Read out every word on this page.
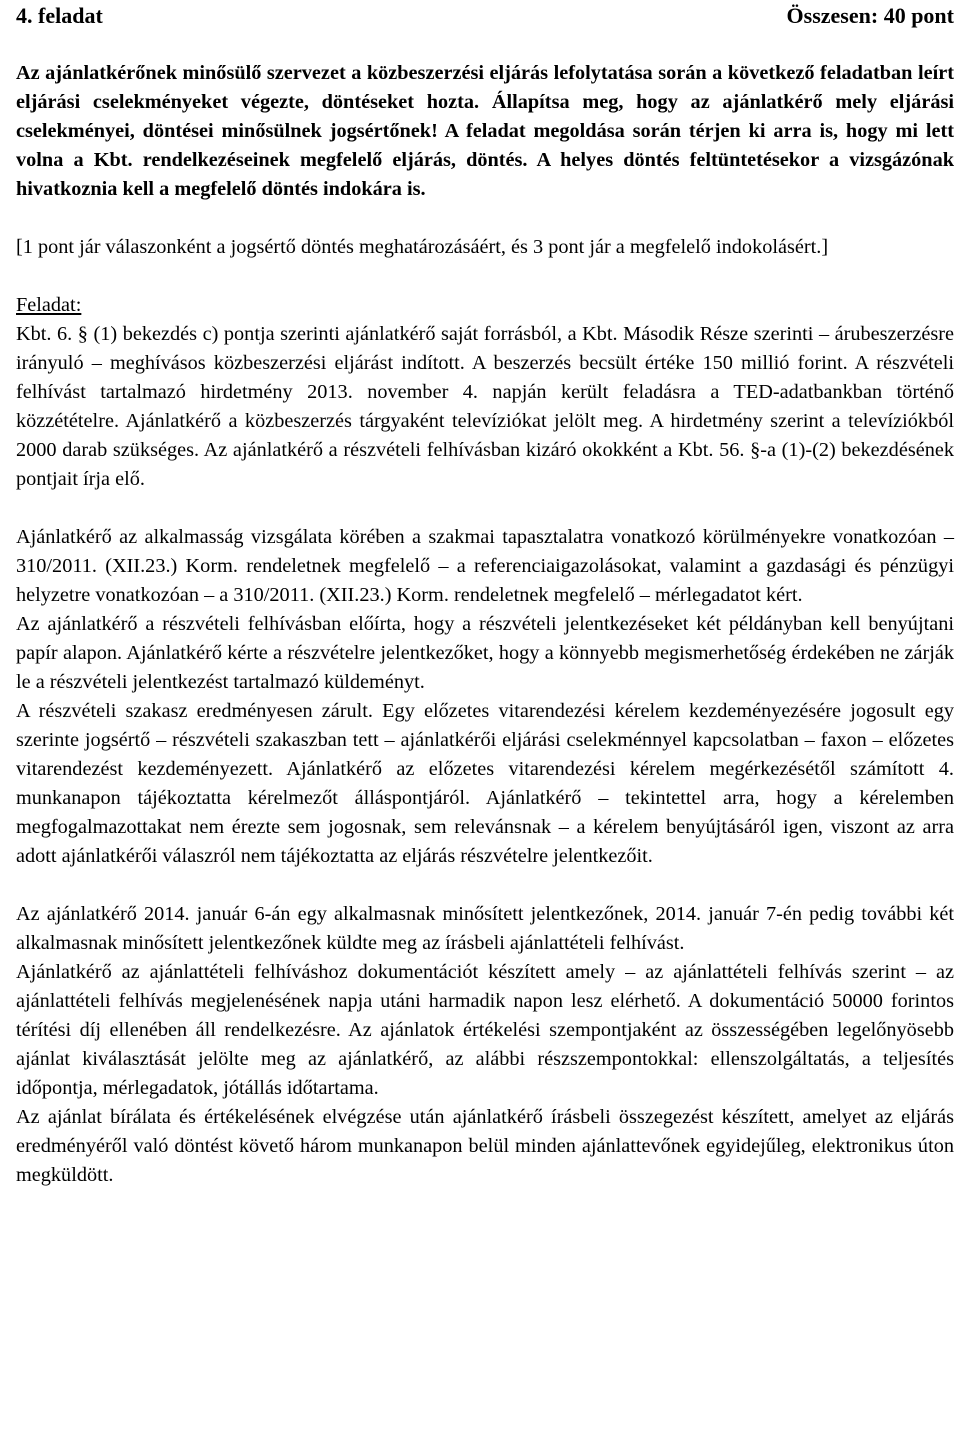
4. feladat	Összesen: 40 pont

Az ajánlatkérőnek minősülő szervezet a közbeszerzési eljárás lefolytatása során a következő feladatban leírt eljárási cselekményeket végezte, döntéseket hozta. Állapítsa meg, hogy az ajánlatkérő mely eljárási cselekményei, döntései minősülnek jogsértőnek! A feladat megoldása során térjen ki arra is, hogy mi lett volna a Kbt. rendelkezéseinek megfelelő eljárás, döntés. A helyes döntés feltüntetésekor a vizsgázónak hivatkoznia kell a megfelelő döntés indokára is.

[1 pont jár válaszonként a jogsértő döntés meghatározásáért, és 3 pont jár a megfelelő indokolásért.]

Feladat:

Kbt. 6. § (1) bekezdés c) pontja szerinti ajánlatkérő saját forrásból, a Kbt. Második Része szerinti – árubeszerzésre irányuló – meghívásos közbeszerzési eljárást indított. A beszerzés becsült értéke 150 millió forint. A részvételi felhívást tartalmazó hirdetmény 2013. november 4. napján került feladásra a TED-adatbankban történő közzétételre. Ajánlatkérő a közbeszerzés tárgyaként televíziókat jelölt meg. A hirdetmény szerint a televíziókból 2000 darab szükséges. Az ajánlatkérő a részvételi felhívásban kizáró okokként a Kbt. 56. §-a (1)-(2) bekezdésének pontjait írja elő.

Ajánlatkérő az alkalmasság vizsgálata körében a szakmai tapasztalatra vonatkozó körülményekre vonatkozóan – 310/2011. (XII.23.) Korm. rendeletnek megfelelő – a referenciaigazolásokat, valamint a gazdasági és pénzügyi helyzetre vonatkozóan – a 310/2011. (XII.23.) Korm. rendeletnek megfelelő – mérlegadatot kért.

Az ajánlatkérő a részvételi felhívásban előírta, hogy a részvételi jelentkezéseket két példányban kell benyújtani papír alapon. Ajánlatkérő kérte a részvételre jelentkezőket, hogy a könnyebb megismerhetőség érdekében ne zárják le a részvételi jelentkezést tartalmazó küldeményt.

A részvételi szakasz eredményesen zárult. Egy előzetes vitarendezési kérelem kezdeményezésére jogosult egy szerinte jogsértő – részvételi szakaszban tett – ajánlatkérői eljárási cselekménnyel kapcsolatban – faxon – előzetes vitarendezést kezdeményezett. Ajánlatkérő az előzetes vitarendezési kérelem megérkezésétől számított 4. munkanapon tájékoztatta kérelmezőt álláspontjáról. Ajánlatkérő – tekintettel arra, hogy a kérelemben megfogalmazottakat nem érezte sem jogosnak, sem relevánsnak – a kérelem benyújtásáról igen, viszont az arra adott ajánlatkérői válaszról nem tájékoztatta az eljárás részvételre jelentkezőit.

Az ajánlatkérő 2014. január 6-án egy alkalmasnak minősített jelentkezőnek, 2014. január 7-én pedig további két alkalmasnak minősített jelentkezőnek küldte meg az írásbeli ajánlattételi felhívást.

Ajánlatkérő az ajánlattételi felhíváshoz dokumentációt készített amely – az ajánlattételi felhívás szerint – az ajánlattételi felhívás megjelenésének napja utáni harmadik napon lesz elérhető. A dokumentáció 50000 forintos térítési díj ellenében áll rendelkezésre. Az ajánlatok értékelési szempontjaként az összességében legelőnyösebb ajánlat kiválasztását jelölte meg az ajánlatkérő, az alábbi részszempontokkal: ellenszolgáltatás, a teljesítés időpontja, mérlegadatok, jótállás időtartama.

Az ajánlat bírálata és értékelésének elvégzése után ajánlatkérő írásbeli összegezést készített, amelyet az eljárás eredményéről való döntést követő három munkanapon belül minden ajánlattevőnek egyidejűleg, elektronikus úton megküldött.
